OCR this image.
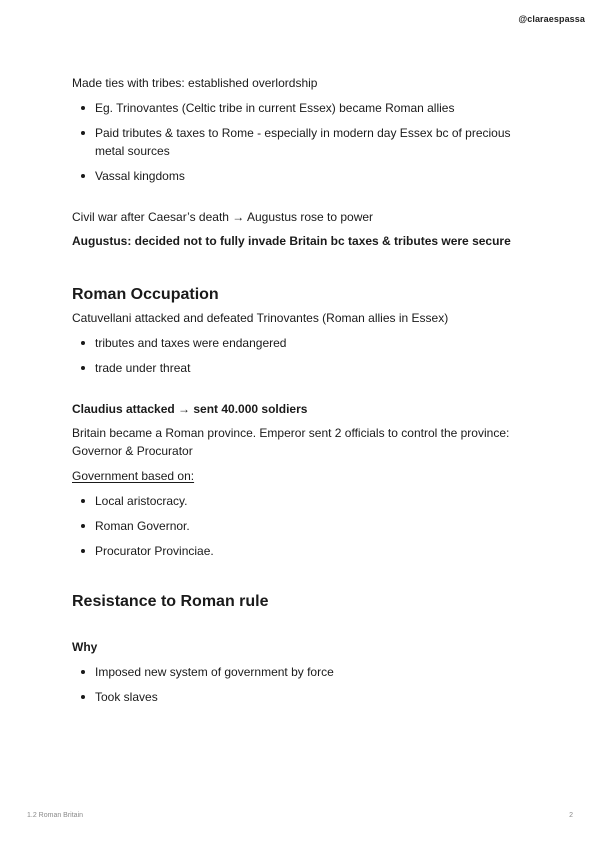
@claraespassa

Made ties with tribes: established overlordship

Eg. Trinovantes (Celtic tribe in current Essex) became Roman allies
Paid tributes & taxes to Rome - especially in modern day Essex bc of precious metal sources
Vassal kingdoms

Civil war after Caesar’s death → Augustus rose to power

Augustus: decided not to fully invade Britain bc taxes & tributes were secure

Roman Occupation

Catuvellani attacked and defeated Trinovantes (Roman allies in Essex)

tributes and taxes were endangered
trade under threat
Claudius attacked → sent 40.000 soldiers

Britain became a Roman province. Emperor sent 2 officials to control the province: Governor & Procurator

Government based on:

Local aristocracy.
Roman Governor.
Procurator Provinciae.
Resistance to Roman rule
Why
Imposed new system of government by force
Took slaves
1.2 Roman Britain	2
